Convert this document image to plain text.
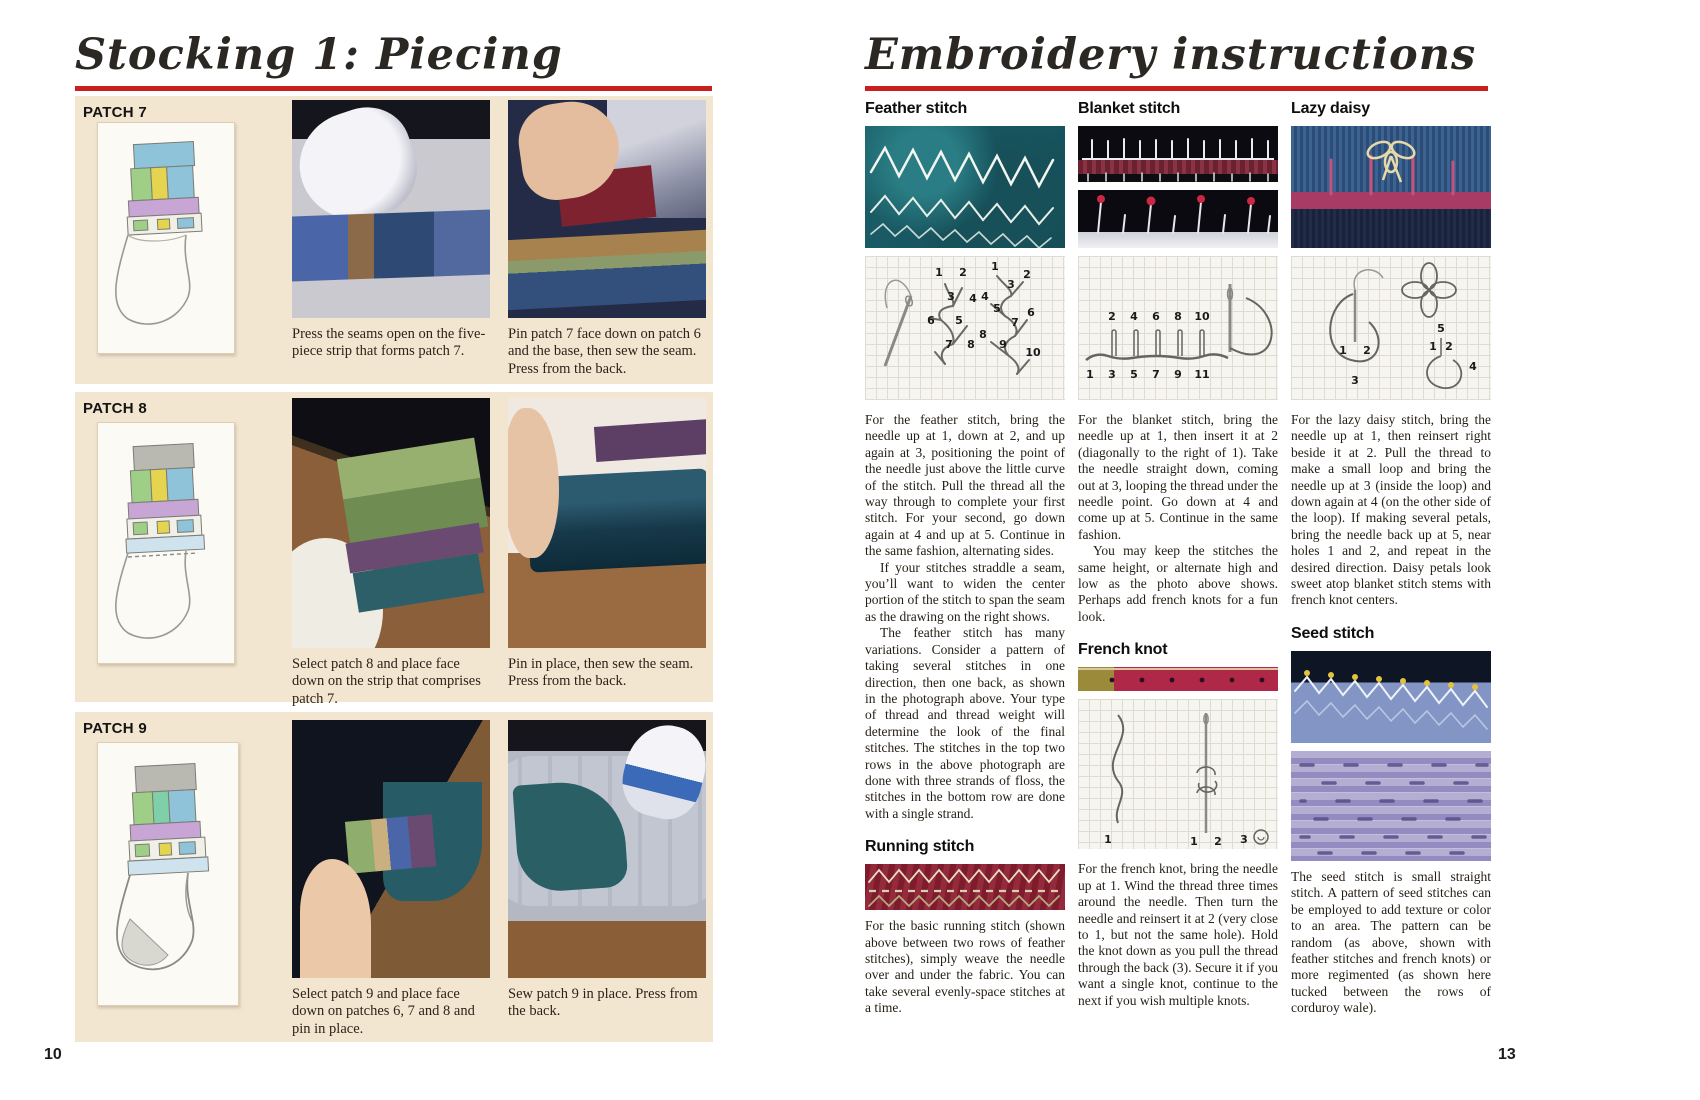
Stocking 1: Piecing
PATCH 7

Press the seams open on the five-piece strip that forms patch 7.

Pin patch 7 face down on patch 6 and the base, then sew the seam. Press from the back.

PATCH 8

Select patch 8 and place face down on the strip that comprises patch 7.

Pin in place, then sew the seam. Press from the back.

PATCH 9

Select patch 9 and place face down on patches 6, 7 and 8 and pin in place.

Sew patch 9 in place. Press from the back.

10
Embroidery instructions
Feather stitch
1 2
3 4
5
6
7 8
1
2
3
4
5 6
7
8
9
10

For the feather stitch, bring the needle up at 1, down at 2, and up again at 3, positioning the point of the needle just above the little curve of the stitch. Pull the thread all the way through to complete your first stitch. For your second, go down again at 4 and up at 5. Continue in the same fashion, alternating sides.

If your stitches straddle a seam, you’ll want to widen the center portion of the stitch to span the seam as the drawing on the right shows.

The feather stitch has many variations. Consider a pattern of taking several stitches in one direction, then one back, as shown in the photograph above. Your type of thread and thread weight will determine the look of the final stitches. The stitches in the top two rows in the above photograph are done with three strands of floss, the stitches in the bottom row are done with a single strand.

Running stitch

For the basic running stitch (shown above between two rows of feather stitches), simply weave the needle over and under the fabric. You can take several evenly-space stitches at a time.

Blanket stitch
2 4 6 8 10
1 3 5 7 9 11

For the blanket stitch, bring the needle up at 1, then insert it at 2 (diagonally to the right of 1). Take the needle straight down, coming out at 3, looping the thread under the needle point. Go down at 4 and come up at 5. Continue in the same fashion.

You may keep the stitches the same height, or alternate high and low as the photo above shows. Perhaps add french knots for a fun look.

French knot
1	1 2 3

For the french knot, bring the needle up at 1. Wind the thread three times around the needle. Then turn the needle and reinsert it at 2 (very close to 1, but not the same hole). Hold the knot down as you pull the thread through the back (3). Secure it if you want a single knot, continue to the next if you wish multiple knots.

Lazy daisy
1 2
3
5
1 2
4

For the lazy daisy stitch, bring the needle up at 1, then reinsert right beside it at 2. Pull the thread to make a small loop and bring the needle up at 3 (inside the loop) and down again at 4 (on the other side of the loop). If making several petals, bring the needle back up at 5, near holes 1 and 2, and repeat in the desired direction. Daisy petals look sweet atop blanket stitch stems with french knot centers.

Seed stitch

The seed stitch is small straight stitch. A pattern of seed stitches can be employed to add texture or color to an area. The pattern can be random (as above, shown with feather stitches and french knots) or more regimented (as shown here tucked between the rows of corduroy wale).

13
